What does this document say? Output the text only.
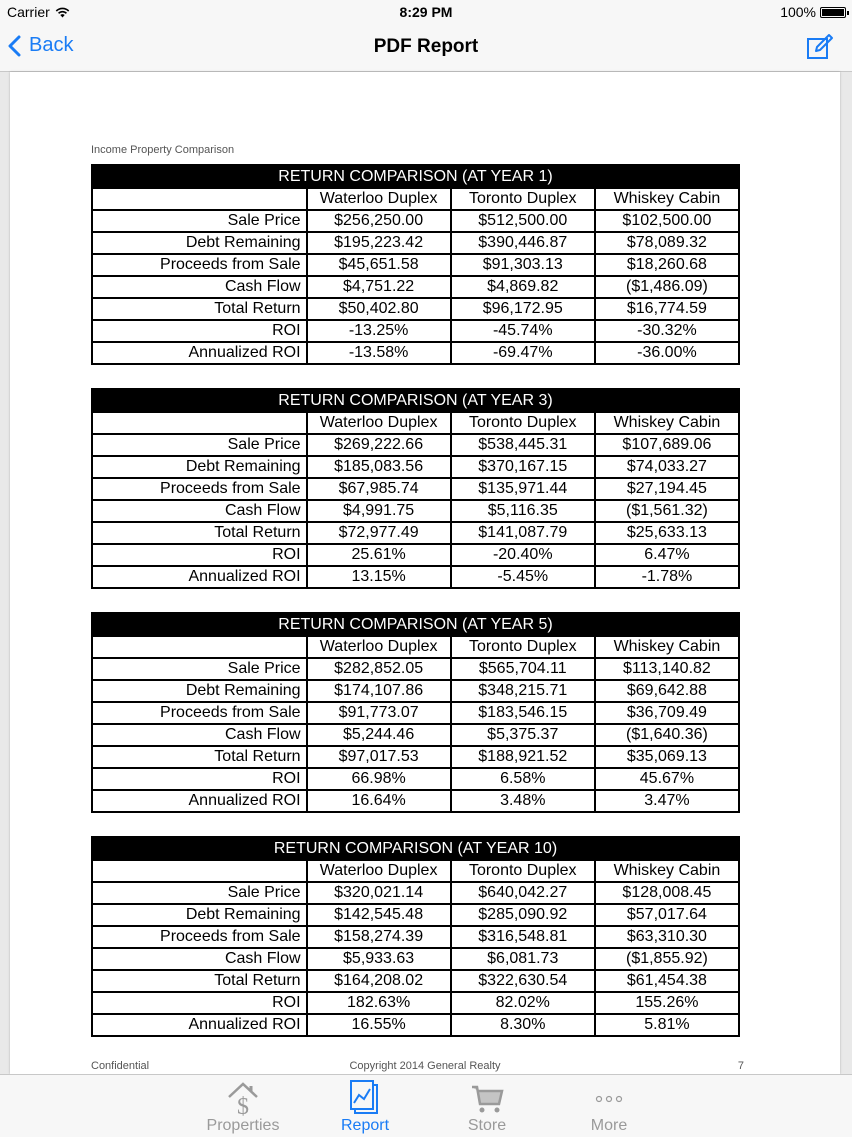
Carrier	8:29 PM	100%
Back	PDF Report
Income Property Comparison
RETURN COMPARISON (AT YEAR 1)			
	Waterloo Duplex	Toronto Duplex	Whiskey Cabin
Sale Price	$256,250.00	$512,500.00	$102,500.00
Debt Remaining	$195,223.42	$390,446.87	$78,089.32
Proceeds from Sale	$45,651.58	$91,303.13	$18,260.68
Cash Flow	$4,751.22	$4,869.82	($1,486.09)
Total Return	$50,402.80	$96,172.95	$16,774.59
ROI	-13.25%	-45.74%	-30.32%
Annualized ROI	-13.58%	-69.47%	-36.00%
RETURN COMPARISON (AT YEAR 3)			
	Waterloo Duplex	Toronto Duplex	Whiskey Cabin
Sale Price	$269,222.66	$538,445.31	$107,689.06
Debt Remaining	$185,083.56	$370,167.15	$74,033.27
Proceeds from Sale	$67,985.74	$135,971.44	$27,194.45
Cash Flow	$4,991.75	$5,116.35	($1,561.32)
Total Return	$72,977.49	$141,087.79	$25,633.13
ROI	25.61%	-20.40%	6.47%
Annualized ROI	13.15%	-5.45%	-1.78%
RETURN COMPARISON (AT YEAR 5)			
	Waterloo Duplex	Toronto Duplex	Whiskey Cabin
Sale Price	$282,852.05	$565,704.11	$113,140.82
Debt Remaining	$174,107.86	$348,215.71	$69,642.88
Proceeds from Sale	$91,773.07	$183,546.15	$36,709.49
Cash Flow	$5,244.46	$5,375.37	($1,640.36)
Total Return	$97,017.53	$188,921.52	$35,069.13
ROI	66.98%	6.58%	45.67%
Annualized ROI	16.64%	3.48%	3.47%
RETURN COMPARISON (AT YEAR 10)			
	Waterloo Duplex	Toronto Duplex	Whiskey Cabin
Sale Price	$320,021.14	$640,042.27	$128,008.45
Debt Remaining	$142,545.48	$285,090.92	$57,017.64
Proceeds from Sale	$158,274.39	$316,548.81	$63,310.30
Cash Flow	$5,933.63	$6,081.73	($1,855.92)
Total Return	$164,208.02	$322,630.54	$61,454.38
ROI	182.63%	82.02%	155.26%
Annualized ROI	16.55%	8.30%	5.81%
Confidential	Copyright 2014 General Realty	7
$
Properties	Report	Store	More
